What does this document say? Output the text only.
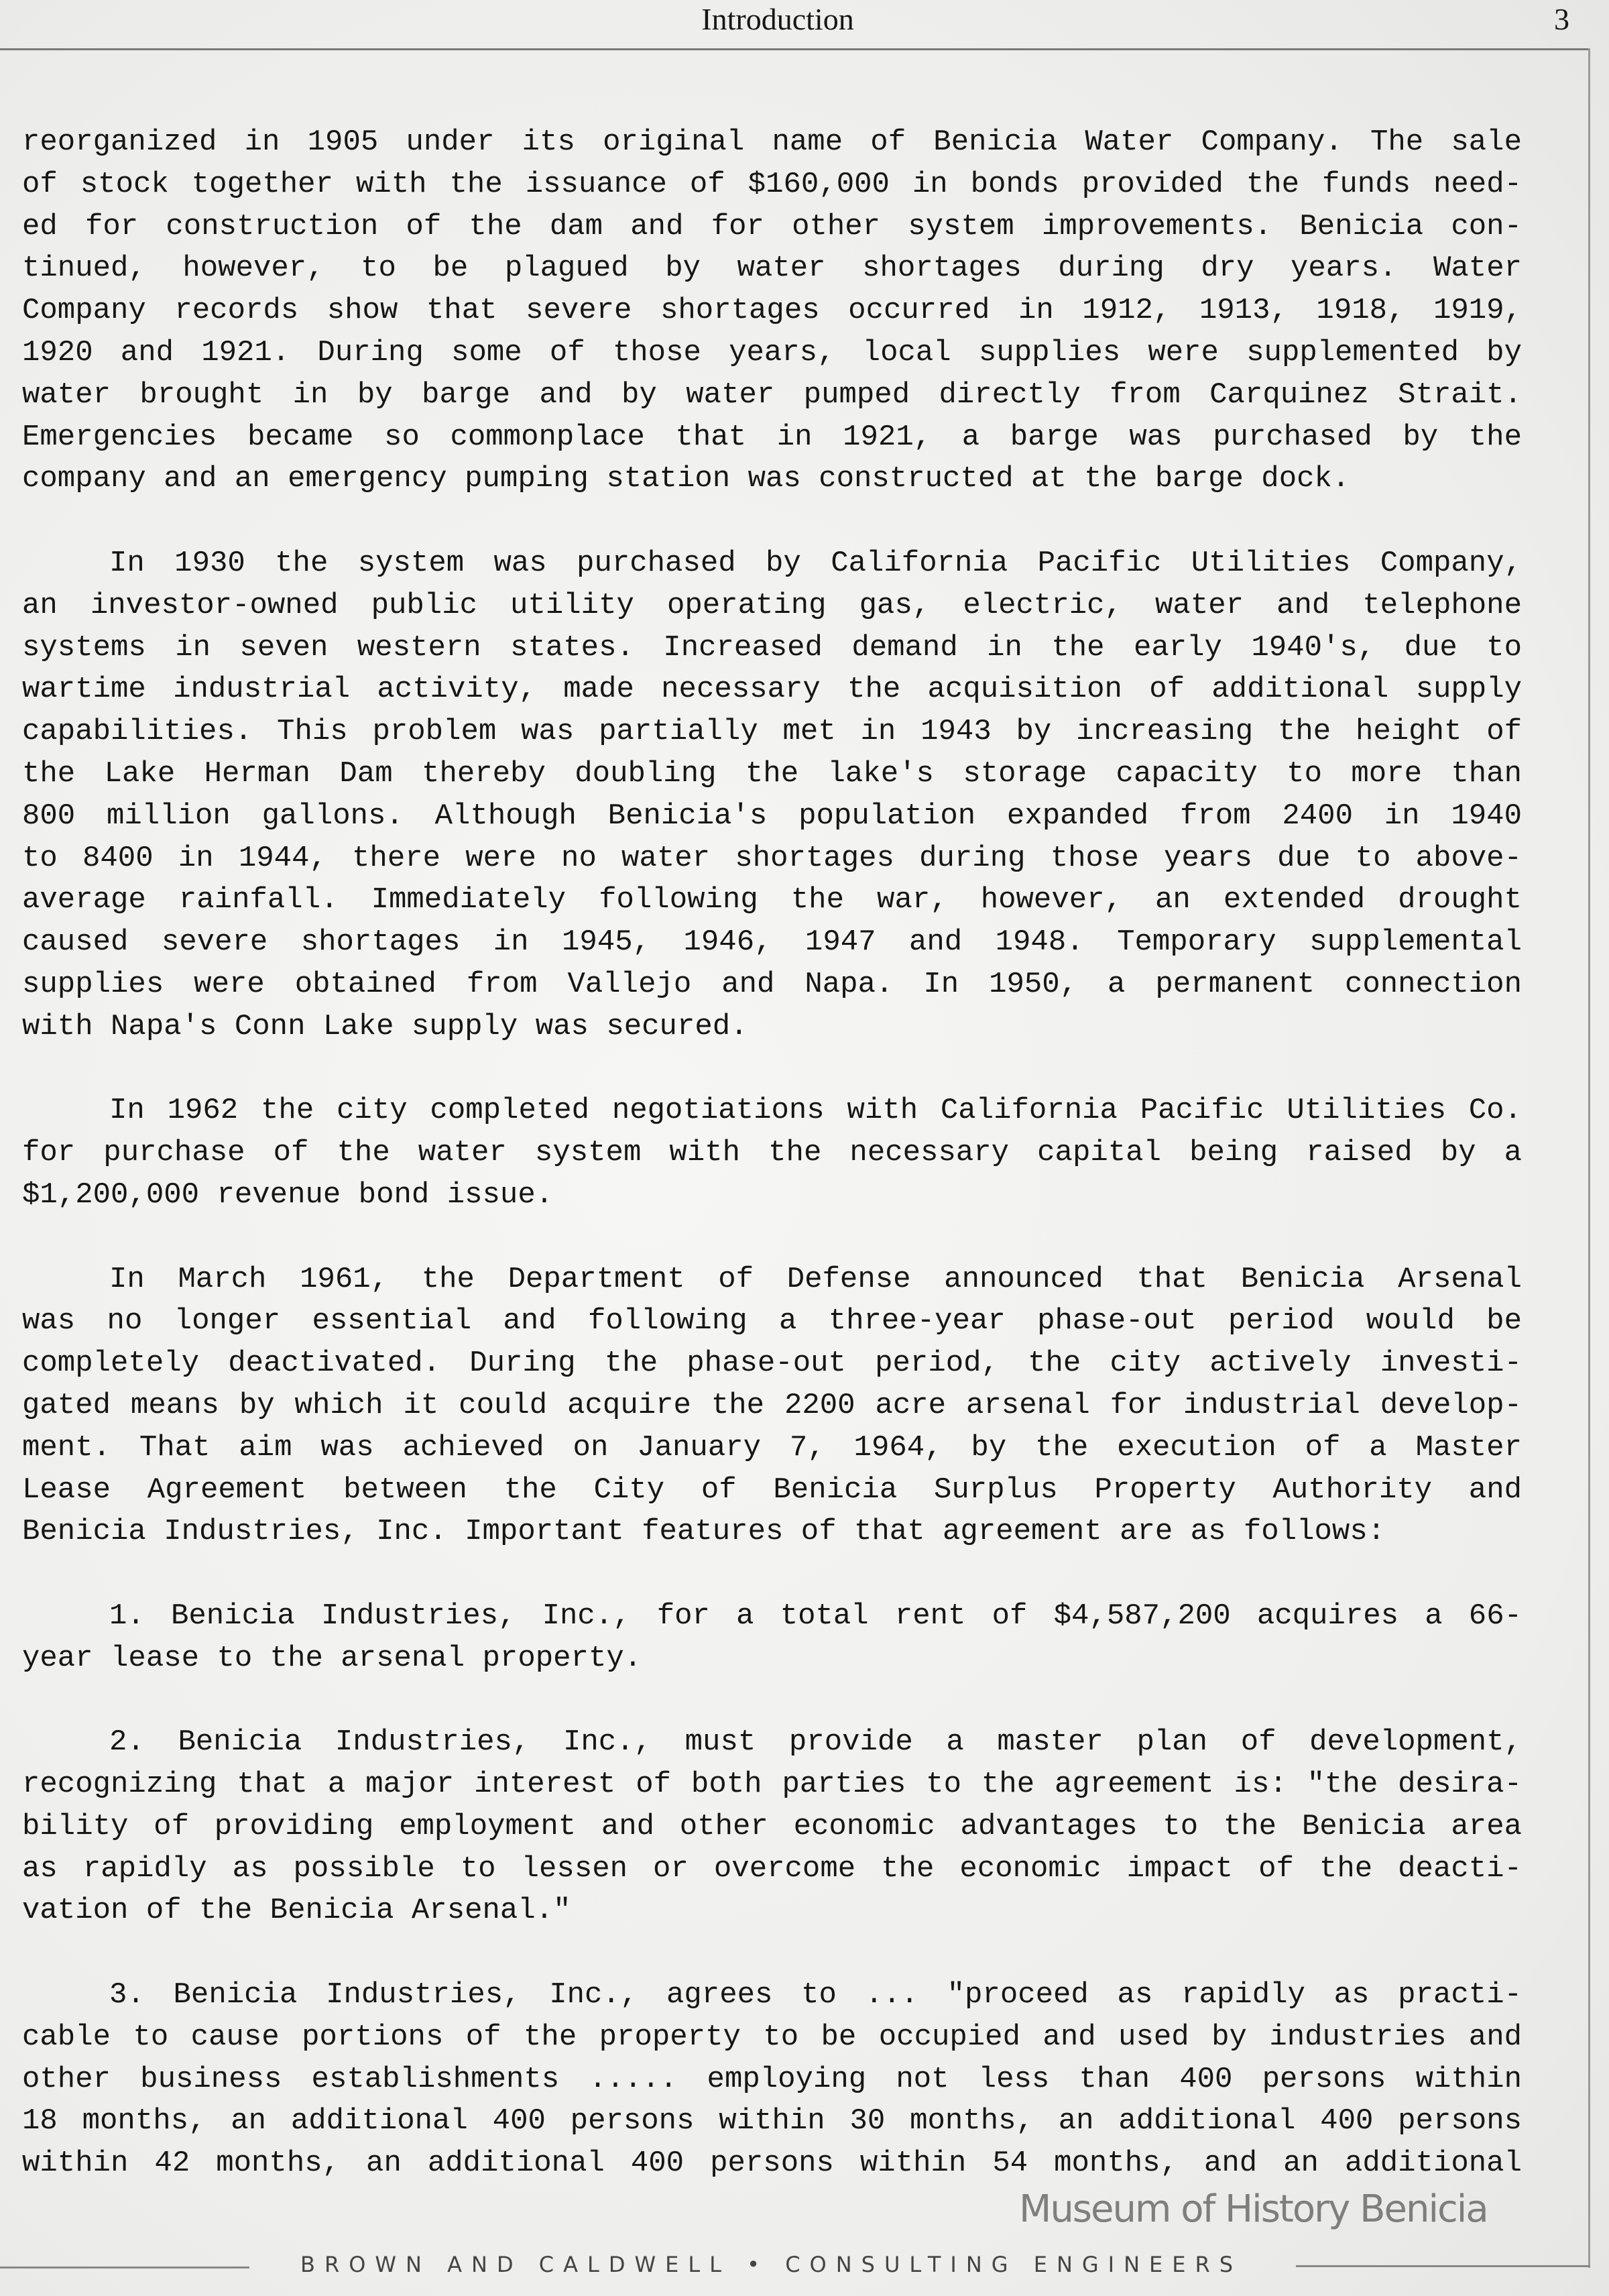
Introduction	3
reorganized in 1905 under its original name of Benicia Water Company. The sale
of stock together with the issuance of $160,000 in bonds provided the funds need-
ed for construction of the dam and for other system improvements. Benicia con-
tinued, however, to be plagued by water shortages during dry years. Water
Company records show that severe shortages occurred in 1912, 1913, 1918, 1919,
1920 and 1921. During some of those years, local supplies were supplemented by
water brought in by barge and by water pumped directly from Carquinez Strait.
Emergencies became so commonplace that in 1921, a barge was purchased by the
company and an emergency pumping station was constructed at the barge dock.
In 1930 the system was purchased by California Pacific Utilities Company,
an investor-owned public utility operating gas, electric, water and telephone
systems in seven western states. Increased demand in the early 1940's, due to
wartime industrial activity, made necessary the acquisition of additional supply
capabilities. This problem was partially met in 1943 by increasing the height of
the Lake Herman Dam thereby doubling the lake's storage capacity to more than
800 million gallons. Although Benicia's population expanded from 2400 in 1940
to 8400 in 1944, there were no water shortages during those years due to above-
average rainfall. Immediately following the war, however, an extended drought
caused severe shortages in 1945, 1946, 1947 and 1948. Temporary supplemental
supplies were obtained from Vallejo and Napa. In 1950, a permanent connection
with Napa's Conn Lake supply was secured.
In 1962 the city completed negotiations with California Pacific Utilities Co.
for purchase of the water system with the necessary capital being raised by a
$1,200,000 revenue bond issue.
In March 1961, the Department of Defense announced that Benicia Arsenal
was no longer essential and following a three-year phase-out period would be
completely deactivated. During the phase-out period, the city actively investi-
gated means by which it could acquire the 2200 acre arsenal for industrial develop-
ment. That aim was achieved on January 7, 1964, by the execution of a Master
Lease Agreement between the City of Benicia Surplus Property Authority and
Benicia Industries, Inc. Important features of that agreement are as follows:
1. Benicia Industries, Inc., for a total rent of $4,587,200 acquires a 66-
year lease to the arsenal property.
2. Benicia Industries, Inc., must provide a master plan of development,
recognizing that a major interest of both parties to the agreement is: "the desira-
bility of providing employment and other economic advantages to the Benicia area
as rapidly as possible to lessen or overcome the economic impact of the deacti-
vation of the Benicia Arsenal."
3. Benicia Industries, Inc., agrees to ... "proceed as rapidly as practi-
cable to cause portions of the property to be occupied and used by industries and
other business establishments ..... employing not less than 400 persons within
18 months, an additional 400 persons within 30 months, an additional 400 persons
within 42 months, an additional 400 persons within 54 months, and an additional
Museum of History Benicia
BROWN AND CALDWELL • CONSULTING ENGINEERS
